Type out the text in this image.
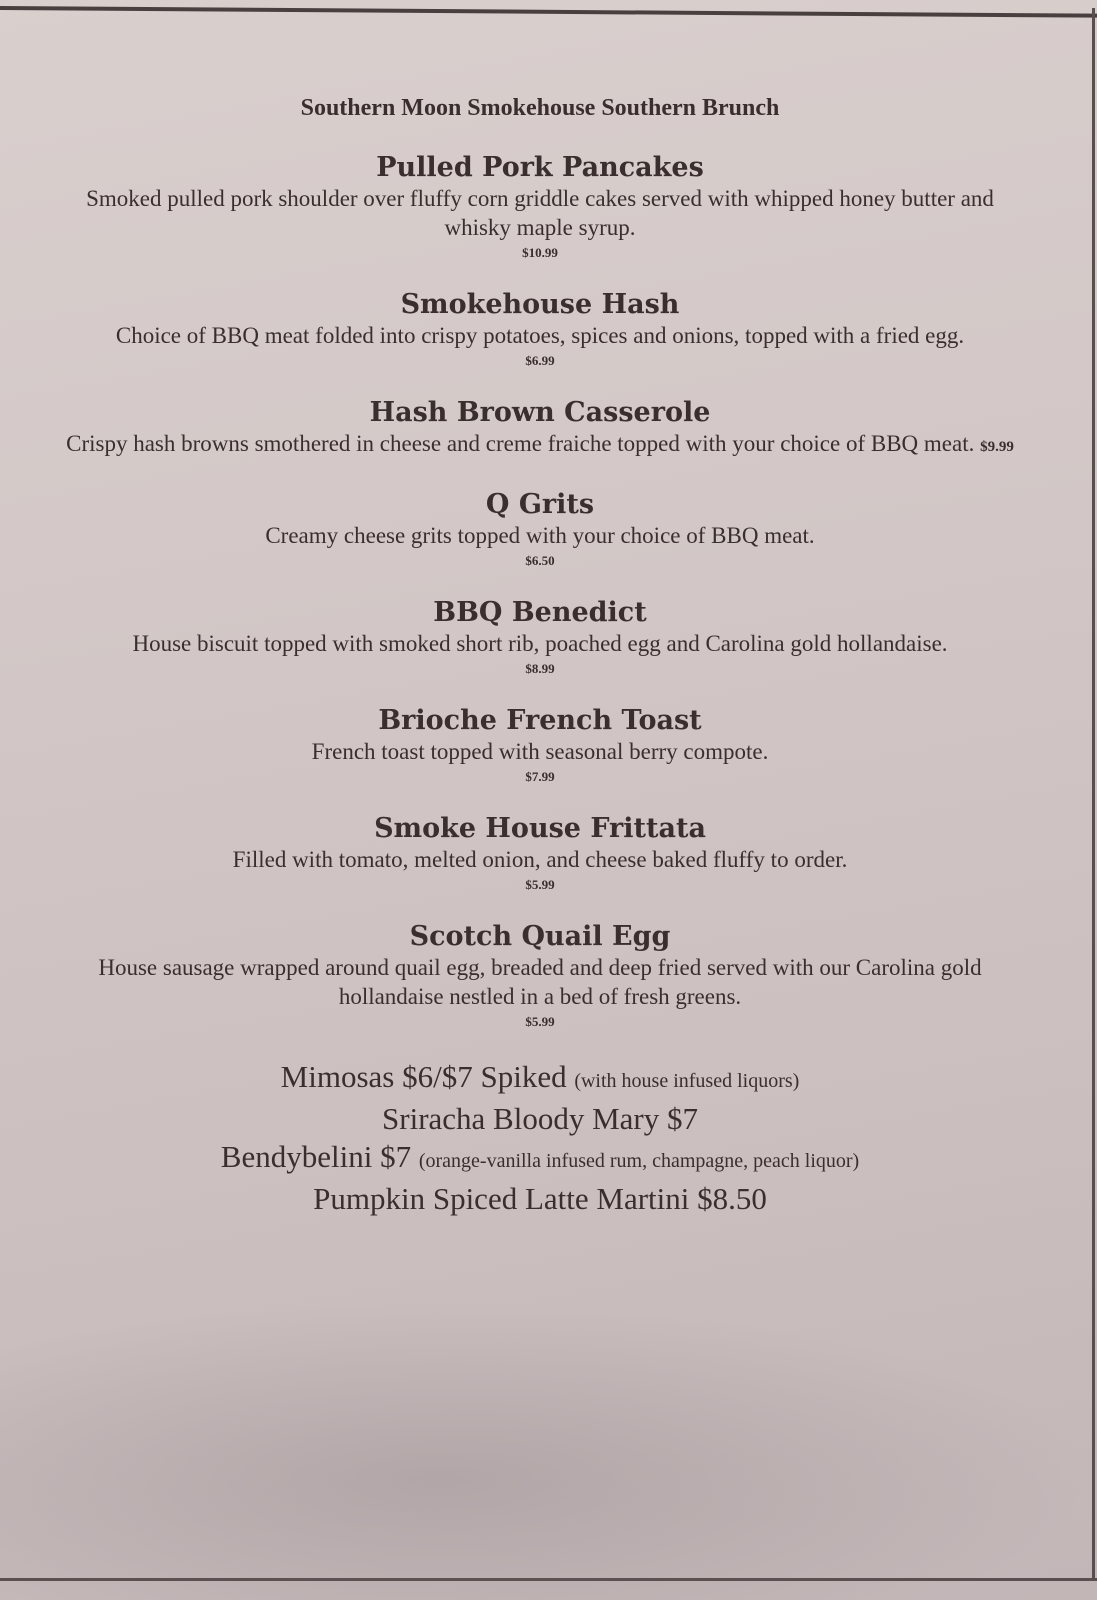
Southern Moon Smokehouse Southern Brunch
Pulled Pork Pancakes
Smoked pulled pork shoulder over fluffy corn griddle cakes served with whipped honey butter and whisky maple syrup.
$10.99
Smokehouse Hash
Choice of BBQ meat folded into crispy potatoes, spices and onions, topped with a fried egg.
$6.99
Hash Brown Casserole
Crispy hash browns smothered in cheese and creme fraiche topped with your choice of BBQ meat. $9.99
Q Grits
Creamy cheese grits topped with your choice of BBQ meat.
$6.50
BBQ Benedict
House biscuit topped with smoked short rib, poached egg and Carolina gold hollandaise.
$8.99
Brioche French Toast
French toast topped with seasonal berry compote.
$7.99
Smoke House Frittata
Filled with tomato, melted onion, and cheese baked fluffy to order.
$5.99
Scotch Quail Egg
House sausage wrapped around quail egg, breaded and deep fried served with our Carolina gold hollandaise nestled in a bed of fresh greens.
$5.99
Mimosas $6/$7 Spiked (with house infused liquors)
Sriracha Bloody Mary $7
Bendybelini $7 (orange-vanilla infused rum, champagne, peach liquor)
Pumpkin Spiced Latte Martini $8.50
